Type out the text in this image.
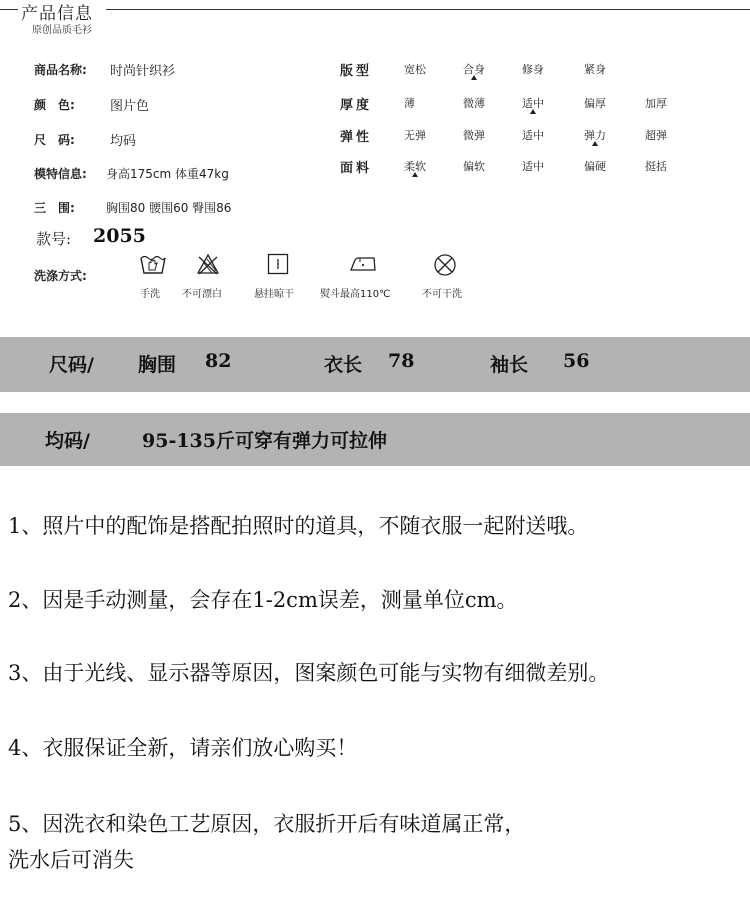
产品信息
原创品质毛衫
商品名称: 时尚针织衫
颜　色:	图片色
尺　码:	均码
模特信息: 身高175cm 体重47kg
三　围:	胸围80 腰围60 臀围86
款号: 2055
洗涤方式:
版型	宽松	合身	修身	紧身
厚度	薄	微薄	适中	偏厚	加厚
弹性	无弹	微弹	适中	弹力	超弹
面料	柔软	偏软	适中	偏硬	挺括
手洗 不可漂白	悬挂晾干	熨斗最高110℃	不可干洗
尺码/ 胸围 82	衣长 78	袖长 56
均码/	95-135斤可穿有弹力可拉伸
1、照片中的配饰是搭配拍照时的道具，不随衣服一起附送哦。
2、因是手动测量，会存在1-2cm误差，测量单位cm。
3、由于光线、显示器等原因，图案颜色可能与实物有细微差别。
4、衣服保证全新，请亲们放心购买！
5、因洗衣和染色工艺原因，衣服折开后有味道属正常，
洗水后可消失
